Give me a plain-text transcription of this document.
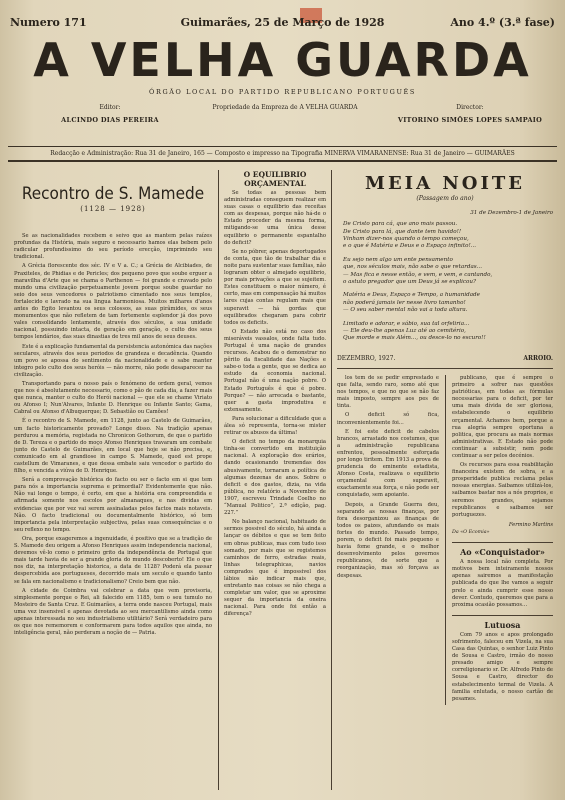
Numero 171	Guimarães, 25 de Março de 1928	Ano 4.º (3.ª fase)
A VELHA GUARDA
ÓRGÃO LOCAL DO PARTIDO REPUBLICANO PORTUGUÊS
Editor:
ALCINDO DIAS PEREIRA
Propriedade da Empreza de A VELHA GUARDA	Director:
VITORINO SIMÕES LOPES SAMPAIO
Redacção e Administração: Rua 31 de Janeiro, 165 — Composto e impresso na Tipografia MINERVA VIMARANENSE: Rua 31 de Janeiro — GUIMARÃES
Recontro de S. Mamede
(1128 — 1928)

Se as nacionalidades recebem e seivo que as mantem pelas raízes profundas da História, mais seguro e necessario hamos elas bebem pelo radicular profundissimo do seu período erecção, imprimindo seu tradicional.

A Grécia florescente dos séc. IV e V a. C.; a Grécia de Alcibiades, de Praxiteles, de Phidias e de Pericles; dos pequeno povo que soube erguer a maravilha d'Arte que se chama o Parthenon — foi grande e cravado pelo mundo uma civilização perpetuamente jovem porque soube guardar no seio dos seus vencedores o patriotismo cimentado nos seus templos, fortalecido e lavrado na sua lingua harmoniosa. Muitos milhares d'anos antes do Egito levantou os seus colossos, as suas pirâmides, os seus monumentos que não refletem de tam fortemente esplendor já dos povo vales consolidando lentamente, através dos séculos, a sua unidade nacional, possuindo intacta, de geração em geração, o culto dos seus tempos lendários, das suas dinastias de tres mil anos de seus deuses.

Este é a explicação fundamental da persistencia autonómica das nações seculares, através dos seus periodos de grandeza e decadência. Quando um povo se apossa do sentimento da nacionalidade e o sabe manter integro pelo culto dos seus heróis — não morre, não pode desaparecer na civilização.

Transportando para o nosso país o fenómeno de ordem geral, vemos que nos é absolutamente necessario, como o pão de cada dia, a fazer mais que nunca, manter o culto do Herói nacional — que ele se chame Viriato ou Afonso I; Nun'Alvares, Infante D. Henrique ou Infante Santo; Gama, Cabral ou Afonso d'Albuquerque; D. Sebastião ou Camões!

É o recontro de S. Mamede, em 1128, junto ao Castelo de Guimarães, um facto historicamente provado? Longe disso. Na tradição apenas perdurou a memória, registada no Chronicon Gothorum, de que o partido de D. Tereza e o partido do moço Afonso Henriques travaram um combate junto do Castelo de Guimarães, em local que hoje se não precisa, e, comunicado em al grandiose in campo S. Mamede, quod est prope castellum de Vimaranes, e que dessa embate saiu vencedor o partido do filho, e vencida a viúva de D. Henrique.

Será a comprovação histórica do facto ou ser o facto em si que tem para nós a importancia suprema e primordial? Evidentemente que não. Não vai longe o tempo, é certo, em que a história era compreendida e afirmada somente nos escolos por almanaques, e nas dividas em evidencias que por vez vai serem assinaladas pelos factos mais notaveis. Não. O facto tradicional ou documentalmente histórico, só tem importancia pela interpretação subjectiva, pelas suas consequências e o seu reflexo no tempo.

Ora, porque exageremos a ingenuidade, é positivo que se a tradição de S. Mamede deu origem a Afonso Henriques assim independencia nacional, devemos vê-lo como o primeiro grito da independência de Portugal que mais tarde havia de ser a grande gloria do mundo descoberto! Ele o que nos diz, na interpretação historica, a data de 1128? Poderá ela passar despercebida aos portugueses, decorrido mais um seculo e quando tanto se fala em nacionalismo e tradicionalismo? Creio bem que não.

A cidade de Coimbra vai celebrar a data que vem provisoria, simplesmente porque o Rei, ali falecido em 1185, tem o seu tumulo no Mosteiro de Santa Cruz. E Guimarães, a terra onde nasceu Portugal, mais uma vez insensivel e apenas devotada ao seu mercantilismo ainda como apenas interessada no seu industrialismo utilitário? Será verdadeiro para os que nos rememorem e conformarem para todos aquilos que ainda, no inteligência geral, não perderam a noção de — Patria.

O EQUILIBRIO ORÇAMENTAL

Se todas as pessoas bem administradas conseguem realizar em suas casas o equilibrio das receitas com as despesas, porque não há-de o Estado proceder da mesma forma, mitigando-se uma única desse equilibrio o permanente espantalho do deficit?

Se no póbrer, apenas deportugados de conta, que tão de trabalhar dia e noite para sustentar suas famílias, não lograram obter o almejado equilibrio, por mais privações a que se sujeitem. Estes constituem o maior número, é certo, mas em compensação há muitos lares cujas contas regulam mais que superavit — há gordas que equilibrados chegaram para cobrir todos os deficits.

O Estado não está no caso dos miseráveis vassalos, onde falta tudo. Portugal é uma nação de grandes recursos. Acabou de o demonstrar no pêrito da fiscalidade das Nações e sabe-o toda a gente, que se dedica ao estudo da economia nacional. Portugal não é uma nação pobre. O Estado Português é que é pobre. Porque? — não arrecada o bastante, quer a gasta improdutiva e extensamente.

Para solucionar a dificuldade que a álea só representa, torna-se mister retirar os abusos da última!

O deficit no tempo da monarquia tinha-se convertido em instituição nacional. A exploração dos erários, dando ocasionando tremendas dos abusivamente, tornaram a política de algumas dezenas de anos. Sobre o deficit e dos gastos, dizia, na vida pública, no relatório a Novembro de 1907, escreveu Trindade Coelho no “Manual Politico”, 2.ª edição, pag. 227.”

No balanço nacional, habituado de sermos possivel do século, há ainda a lançar os débitos e que se tem feito em obras publicas, mas com tudo isso somado, por mais que se registemos caminhos de ferro, estradas reais, linhas telegraphicas, navios comprados que é impossivel dos lábios não indicar mais que, entretanto nas coisas se não chega a completar um valor, que se aproxime sequer da importancia da oneira nacional. Para onde foi então a diferença?

MEIA NOITE
(Passagem do ano)
31 de Dezembro-1 de Janeiro
De Cristo para cá, que ano mais passou.
De Cristo para lá, que dante tem havido!!
Vinham dizer-nos quando o tempo começou,
e o que é Matéria e Deus e o Espaço infinito!...
Eu sejo nem algo um ente pensamento
que, nos séculos mais, não sabe o que retardas...
— Mas fica e nesse então, e vem, e vem, e cantando,
o astuto pregador que um Deus já se explicou?
Matéria e Deus, Espaço e Tempo, a humanidade
não poderá jamais ler nesse livro tamanho!
— O seu saber mental não vai a toda altura.
Limitado e adorar, e sábio, sua tal orfeliria...
— Ele deu-lhe apenas Luz até ao cemitério,
Que morde e mais Além..., ou desce-lo no escuro!!
DEZEMBRO, 1927.	ARROIO.

los tem de se pedir emprestado e que falta, sendo raro, somo até que nos tempos, e que no que se não faz mais imposto, sempre aos pes de tinta.

O deficit só fica, inconvenientemente foi...

E foi este deficit de cabelos brancos, arrastado nos costumes, que a administração republicana enfrentou, pessoalmente esforçada por longo tiritem. Em 1913 a prova de prudencia do eminente estadista, Afonso Costa, realizava o equilibrio orçamental com superavit, exactamente sua força, e não pode ser conquistado, sem apoiante.

Depois, a Grande Guerra deu, separando as nossas finanças, por fora desorganizou as finanças de todos os paizes, afundando os mais fortes do mundo. Passado tempo, porem, o deficit foi mais pequeno e havia fome grande, e o melhor desenvolvimento pelos governos republicanos, de sorte que a reorganização, mas só forçava as despesas.

publicano, que é sempre o primeiro a sofrer nas questões patrióticas, em todas as fórmulas necessarias para o deficit, por ter uma mais dívida de ser gloriosa, estabelecendo o equilibrio orçamental. Achamos bem, porque a rua alegria sempre oportuna a politica, que procura as mais normas administrativas. E Estado não pode continuar a subsistir, nem pode continuar a ser pelos decénios.

Os recursos para essa reabilitação financeira existem de sobra, e a prosperidade publica reclama pelas nossas energias. Saibamos utilizá-los, saibamos bastar nos a nós proprios, e seremos grandes, sejamos republicanos e saibamos ser portuguezes.

Fermino Martins
Da «O Ecomia»
Ao «Conquistador»

A nossa local não completa. Por motivos bem inteiramente nossos apenas sairemos a manifestação publicada do que lhe vamos a seguir prelo e ainda cumprir esse nosso dever. Contudo, queremos que para a proxima ocasião possamos…

Lutuosa

Com 79 anos e apos prolongado sofrimento, faleceu em Vizela, na sua Casa das Quintas, o senhor Luiz Pinto de Sousa e Castro, irmão do nosso presado amigo e sempre correligionario sr. Dr. Alfredo Pinto de Sousa e Castro, director do estabelecimento termal de Vizela. A familia enlutada, o nosso cartão de pesames.
